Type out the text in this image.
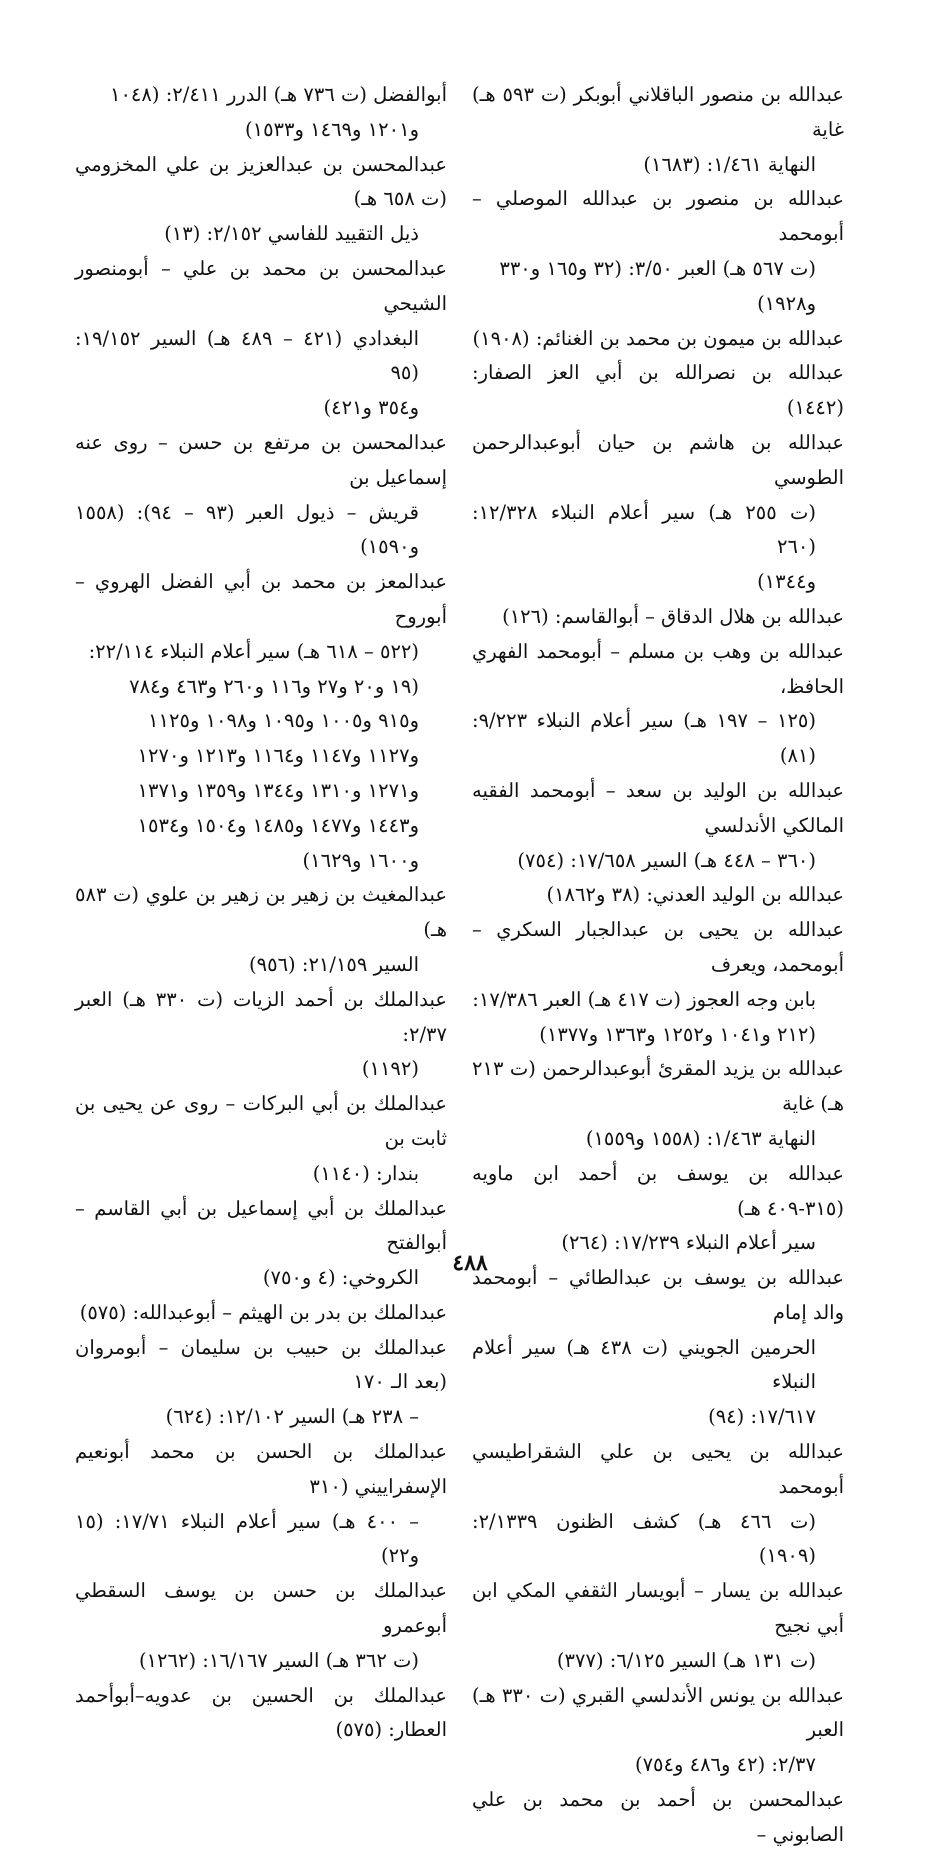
عبدالله بن منصور الباقلاني أبوبكر (ت ٥٩٣ هـ) غاية
النهاية ١/٤٦١: (١٦٨٣)
عبدالله بن منصور بن عبدالله الموصلي – أبومحمد
(ت ٥٦٧ هـ) العبر ٣/٥٠: (٣٢ و١٦٥ و٣٣٠
و١٩٢٨)
عبدالله بن ميمون بن محمد بن الغنائم: (١٩٠٨)
عبدالله بن نصرالله بن أبي العز الصفار: (١٤٤٢)
عبدالله بن هاشم بن حيان أبوعبدالرحمن الطوسي
(ت ٢٥٥ هـ) سير أعلام النبلاء ١٢/٣٢٨: (٢٦٠
و١٣٤٤)
عبدالله بن هلال الدقاق – أبوالقاسم: (١٢٦)
عبدالله بن وهب بن مسلم – أبومحمد الفهري الحافظ،
(١٢٥ – ١٩٧ هـ) سير أعلام النبلاء ٩/٢٢٣: (٨١)
عبدالله بن الوليد بن سعد – أبومحمد الفقيه المالكي الأندلسي
(٣٦٠ – ٤٤٨ هـ) السير ١٧/٦٥٨: (٧٥٤)
عبدالله بن الوليد العدني: (٣٨ و١٨٦٢)
عبدالله بن يحيى بن عبدالجبار السكري – أبومحمد، ويعرف
بابن وجه العجوز (ت ٤١٧ هـ) العبر ١٧/٣٨٦:
(٢١٢ و١٠٤١ و١٢٥٢ و١٣٦٣ و١٣٧٧)
عبدالله بن يزيد المقرئ أبوعبدالرحمن (ت ٢١٣ هـ) غاية
النهاية ١/٤٦٣: (١٥٥٨ و١٥٥٩)
عبدالله بن يوسف بن أحمد ابن ماويه (٣١٥-٤٠٩ هـ)
سير أعلام النبلاء ١٧/٢٣٩: (٢٦٤)
عبدالله بن يوسف بن عبدالطائي – أبومحمد والد إمام
الحرمين الجويني (ت ٤٣٨ هـ) سير أعلام النبلاء
١٧/٦١٧: (٩٤)
عبدالله بن يحيى بن علي الشقراطيسي أبومحمد
(ت ٤٦٦ هـ) كشف الظنون ٢/١٣٣٩: (١٩٠٩)
عبدالله بن يسار – أبويسار الثقفي المكي ابن أبي نجيح
(ت ١٣١ هـ) السير ٦/١٢٥: (٣٧٧)
عبدالله بن يونس الأندلسي القبري (ت ٣٣٠ هـ) العبر
٢/٣٧: (٤٢ و٤٨٦ و٧٥٤)
عبدالمحسن بن أحمد بن محمد بن علي الصابوني –
أبوالفضل (ت ٧٣٦ هـ) الدرر ٢/٤١١: (١٠٤٨
و١٢٠١ و١٤٦٩ و١٥٣٣)
عبدالمحسن بن عبدالعزيز بن علي المخزومي (ت ٦٥٨ هـ)
ذيل التقييد للفاسي ٢/١٥٢: (١٣)
عبدالمحسن بن محمد بن علي – أبومنصور الشيحي
البغدادي (٤٢١ – ٤٨٩ هـ) السير ١٩/١٥٢: (٩٥
و٣٥٤ و٤٢١)
عبدالمحسن بن مرتفع بن حسن – روى عنه إسماعيل بن
قريش – ذيول العبر (٩٣ – ٩٤): (١٥٥٨ و١٥٩٠)
عبدالمعز بن محمد بن أبي الفضل الهروي – أبوروح
(٥٢٢ – ٦١٨ هـ) سير أعلام النبلاء ٢٢/١١٤:
(١٩ و٢٠ و٢٧ و١١٦ و٢٦٠ و٤٦٣ و٧٨٤
و٩١٥ و١٠٠٥ و١٠٩٥ و١٠٩٨ و١١٢٥
و١١٢٧ و١١٤٧ و١١٦٤ و١٢١٣ و١٢٧٠
و١٢٧١ و١٣١٠ و١٣٤٤ و١٣٥٩ و١٣٧١
و١٤٤٣ و١٤٧٧ و١٤٨٥ و١٥٠٤ و١٥٣٤
و١٦٠٠ و١٦٢٩)
عبدالمغيث بن زهير بن زهير بن علوي (ت ٥٨٣ هـ)
السير ٢١/١٥٩: (٩٥٦)
عبدالملك بن أحمد الزيات (ت ٣٣٠ هـ) العبر ٢/٣٧:
(١١٩٢)
عبدالملك بن أبي البركات – روى عن يحيى بن ثابت بن
بندار: (١١٤٠)
عبدالملك بن أبي إسماعيل بن أبي القاسم – أبوالفتح
الكروخي: (٤ و٧٥٠)
عبدالملك بن بدر بن الهيثم – أبوعبدالله: (٥٧٥)
عبدالملك بن حبيب بن سليمان – أبومروان (بعد الـ ١٧٠
– ٢٣٨ هـ) السير ١٢/١٠٢: (٦٢٤)
عبدالملك بن الحسن بن محمد أبونعيم الإسفراييني (٣١٠
– ٤٠٠ هـ) سير أعلام النبلاء ١٧/٧١: (١٥ و٢٢)
عبدالملك بن حسن بن يوسف السقطي أبوعمرو
(ت ٣٦٢ هـ) السير ١٦/١٦٧: (١٢٦٢)
عبدالملك بن الحسين بن عدويه–أبوأحمد العطار: (٥٧٥)
٤٨٨
